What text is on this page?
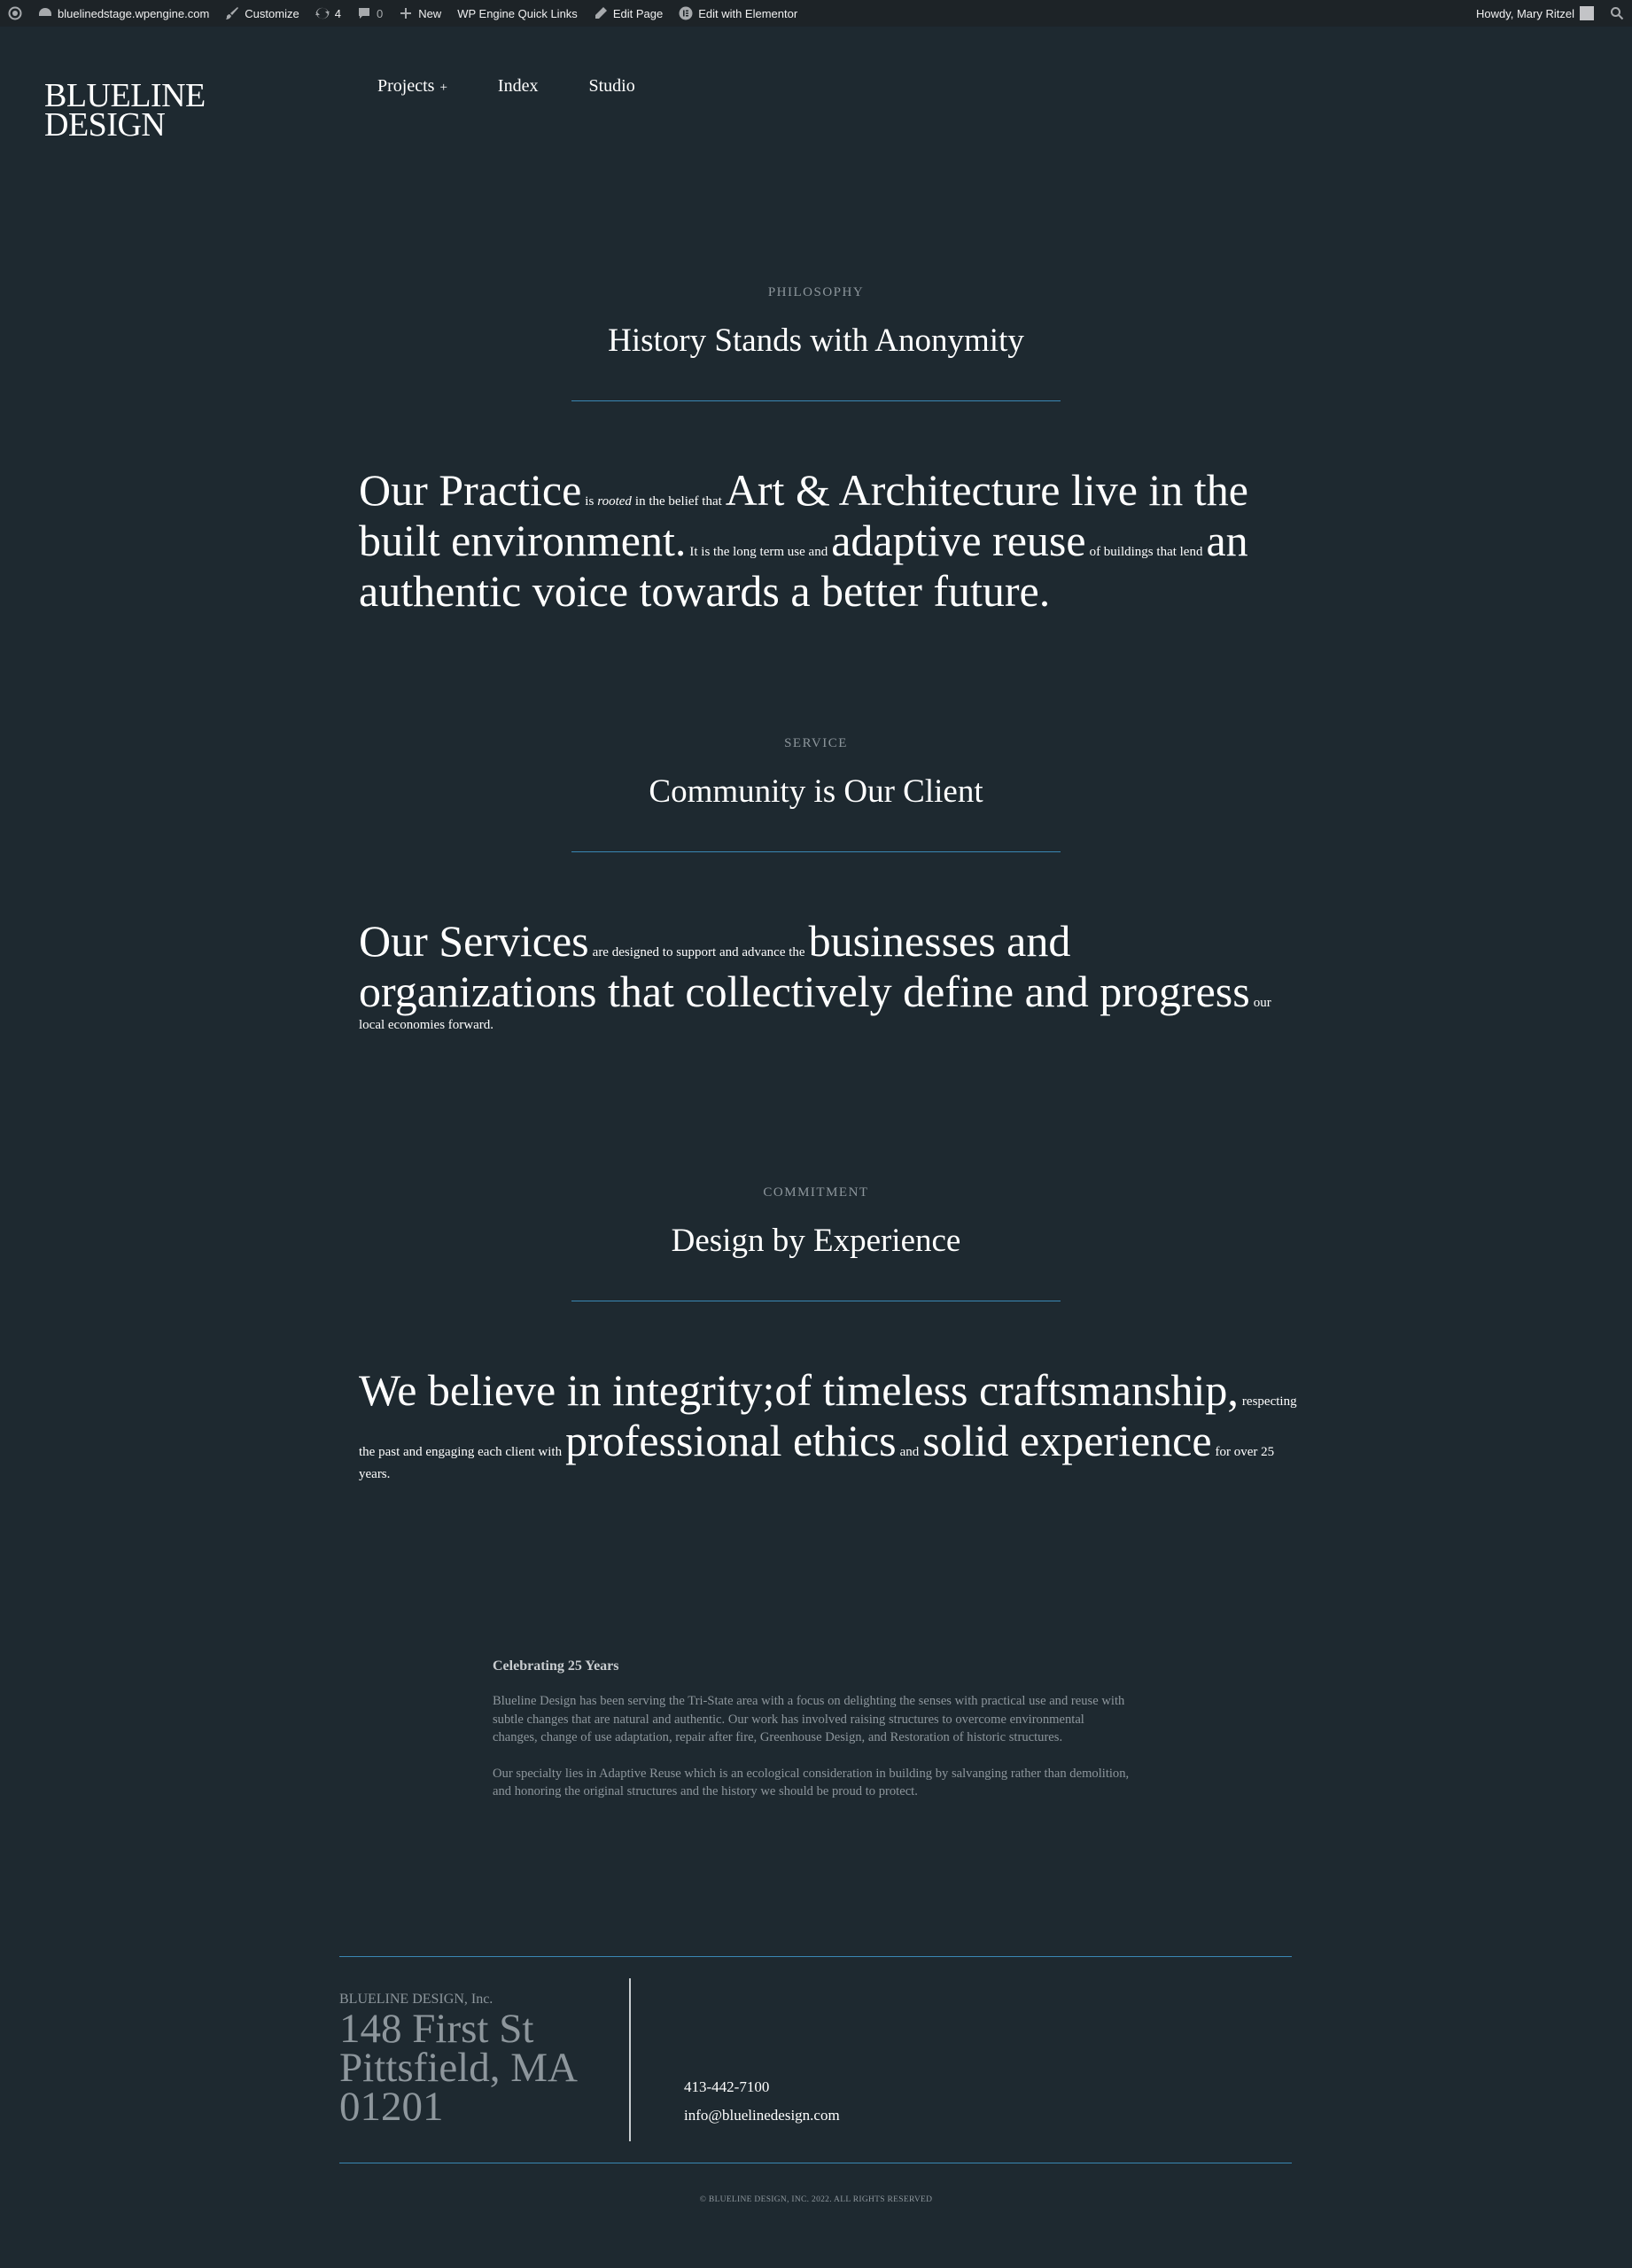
bluelinedstage.wpengine.com	Customize	4	0	New WP Engine Quick Links	Edit Page	Edit with Elementor	Howdy, Mary Ritzel
BLUELINE
DESIGN
Projects +	Index	Studio
PHILOSOPHY
History Stands with Anonymity
Our Practice is rooted in the belief that Art & Architecture live in the built environment. It is the long term use and adaptive reuse of buildings that lend an authentic voice towards a better future.
SERVICE
Community is Our Client
Our Services are designed to support and advance the businesses and organizations that collectively define and progress our local economies forward.
COMMITMENT
Design by Experience
We believe in integrity;of timeless craftsmanship, respecting the past and engaging each client with professional ethics and solid experience for over 25 years.
Celebrating 25 Years

Blueline Design has been serving the Tri-State area with a focus on delighting the senses with practical use and reuse with subtle changes that are natural and authentic. Our work has involved raising structures to overcome environmental changes, change of use adaptation, repair after fire, Greenhouse Design, and Restoration of historic structures.

Our specialty lies in Adaptive Reuse which is an ecological consideration in building by salvanging rather than demolition, and honoring the original structures and the history we should be proud to protect.

BLUELINE DESIGN, Inc.
148 First St
Pittsfield, MA
01201	413-442-7100
info@bluelinedesign.com
© BLUELINE DESIGN, INC. 2022. ALL RIGHTS RESERVED
